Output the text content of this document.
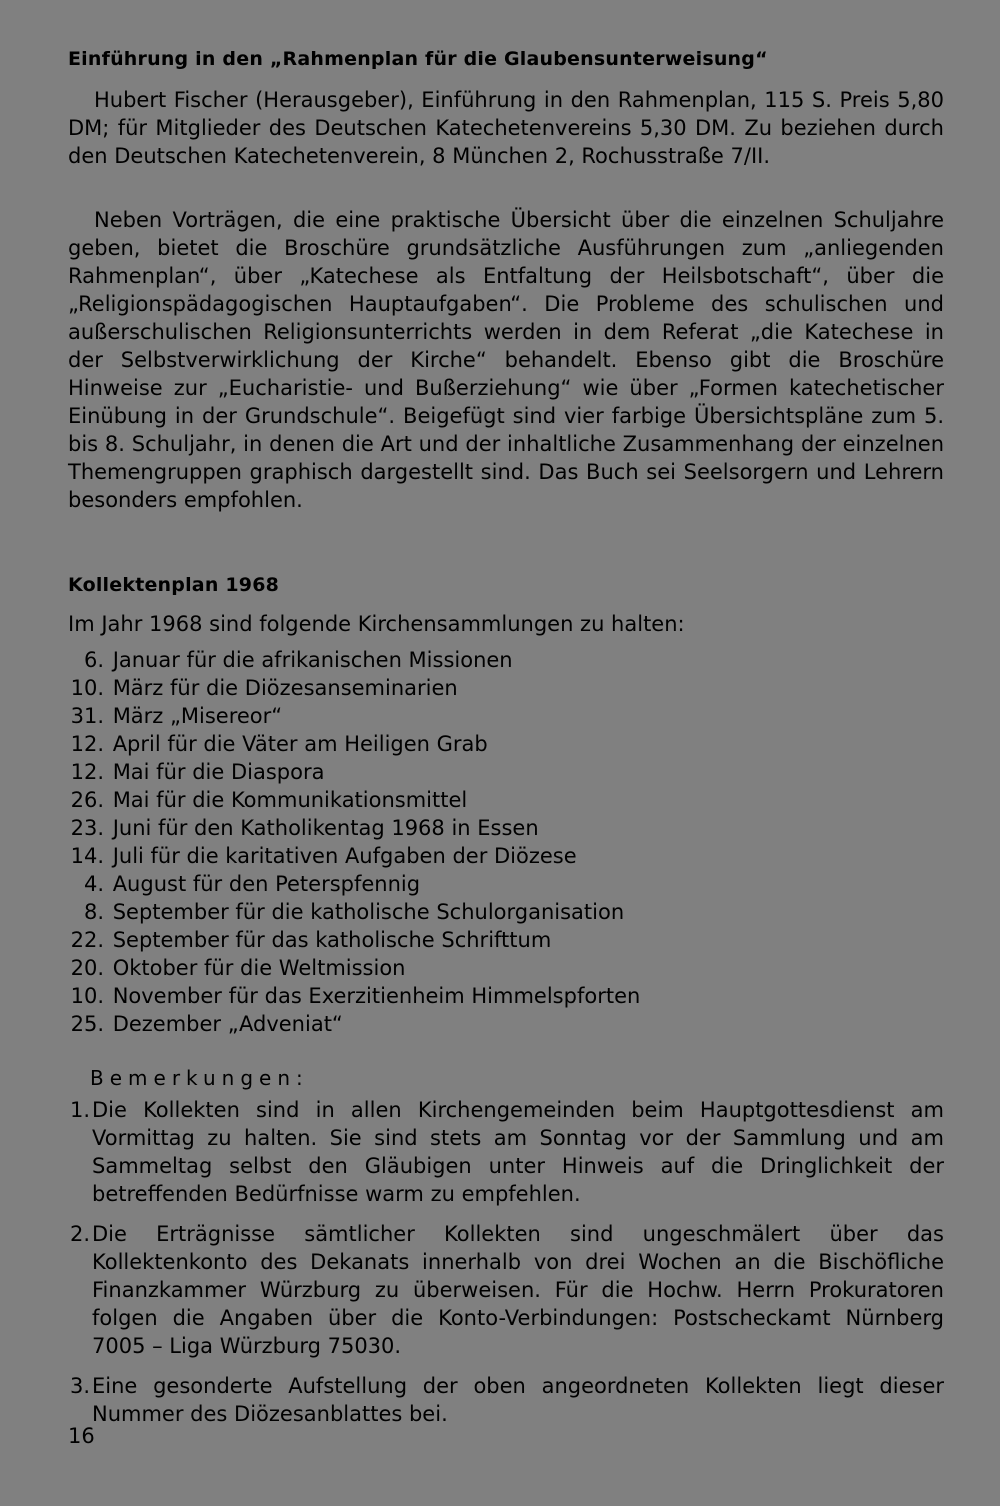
Einführung in den „Rahmenplan für die Glaubensunterweisung“
Hubert Fischer (Herausgeber), Einführung in den Rahmenplan, 115 S. Preis 5,80 DM; für Mitglieder des Deutschen Katechetenvereins 5,30 DM. Zu beziehen durch den Deutschen Katechetenverein, 8 München 2, Rochusstraße 7/II.
Neben Vorträgen, die eine praktische Übersicht über die einzelnen Schuljahre geben, bietet die Broschüre grundsätzliche Ausführungen zum „anliegenden Rahmenplan“, über „Katechese als Entfaltung der Heilsbotschaft“, über die „Religionspädagogischen Hauptaufgaben“. Die Probleme des schulischen und außerschulischen Religionsunterrichts werden in dem Referat „die Katechese in der Selbstverwirklichung der Kirche“ behandelt. Ebenso gibt die Broschüre Hinweise zur „Eucharistie- und Bußerziehung“ wie über „Formen katechetischer Einübung in der Grundschule“. Beigefügt sind vier farbige Übersichtspläne zum 5. bis 8. Schuljahr, in denen die Art und der inhaltliche Zusammenhang der einzelnen Themengruppen graphisch dargestellt sind. Das Buch sei Seelsorgern und Lehrern besonders empfohlen.
Kollektenplan 1968
Im Jahr 1968 sind folgende Kirchensammlungen zu halten:
6.
Januar für die afrikanischen Missionen
10.
März für die Diözesanseminarien
31.
März „Misereor“
12.
April für die Väter am Heiligen Grab
12.
Mai für die Diaspora
26.
Mai für die Kommunikationsmittel
23.
Juni für den Katholikentag 1968 in Essen
14.
Juli für die karitativen Aufgaben der Diözese
4.
August für den Peterspfennig
8.
September für die katholische Schulorganisation
22.
September für das katholische Schrifttum
20.
Oktober für die Weltmission
10.
November für das Exerzitienheim Himmelspforten
25.
Dezember „Adveniat“
Bemerkungen:
1. Die Kollekten sind in allen Kirchengemeinden beim Hauptgottesdienst am Vormittag zu halten. Sie sind stets am Sonntag vor der Sammlung und am Sammeltag selbst den Gläubigen unter Hinweis auf die Dringlichkeit der betreffenden Bedürfnisse warm zu empfehlen.
2. Die Erträgnisse sämtlicher Kollekten sind ungeschmälert über das Kollektenkonto des Dekanats innerhalb von drei Wochen an die Bischöfliche Finanzkammer Würzburg zu überweisen. Für die Hochw. Herrn Prokuratoren folgen die Angaben über die Konto-Verbindungen: Postscheckamt Nürnberg 7005 – Liga Würzburg 75030.
3. Eine gesonderte Aufstellung der oben angeordneten Kollekten liegt dieser Nummer des Diözesanblattes bei.
16
